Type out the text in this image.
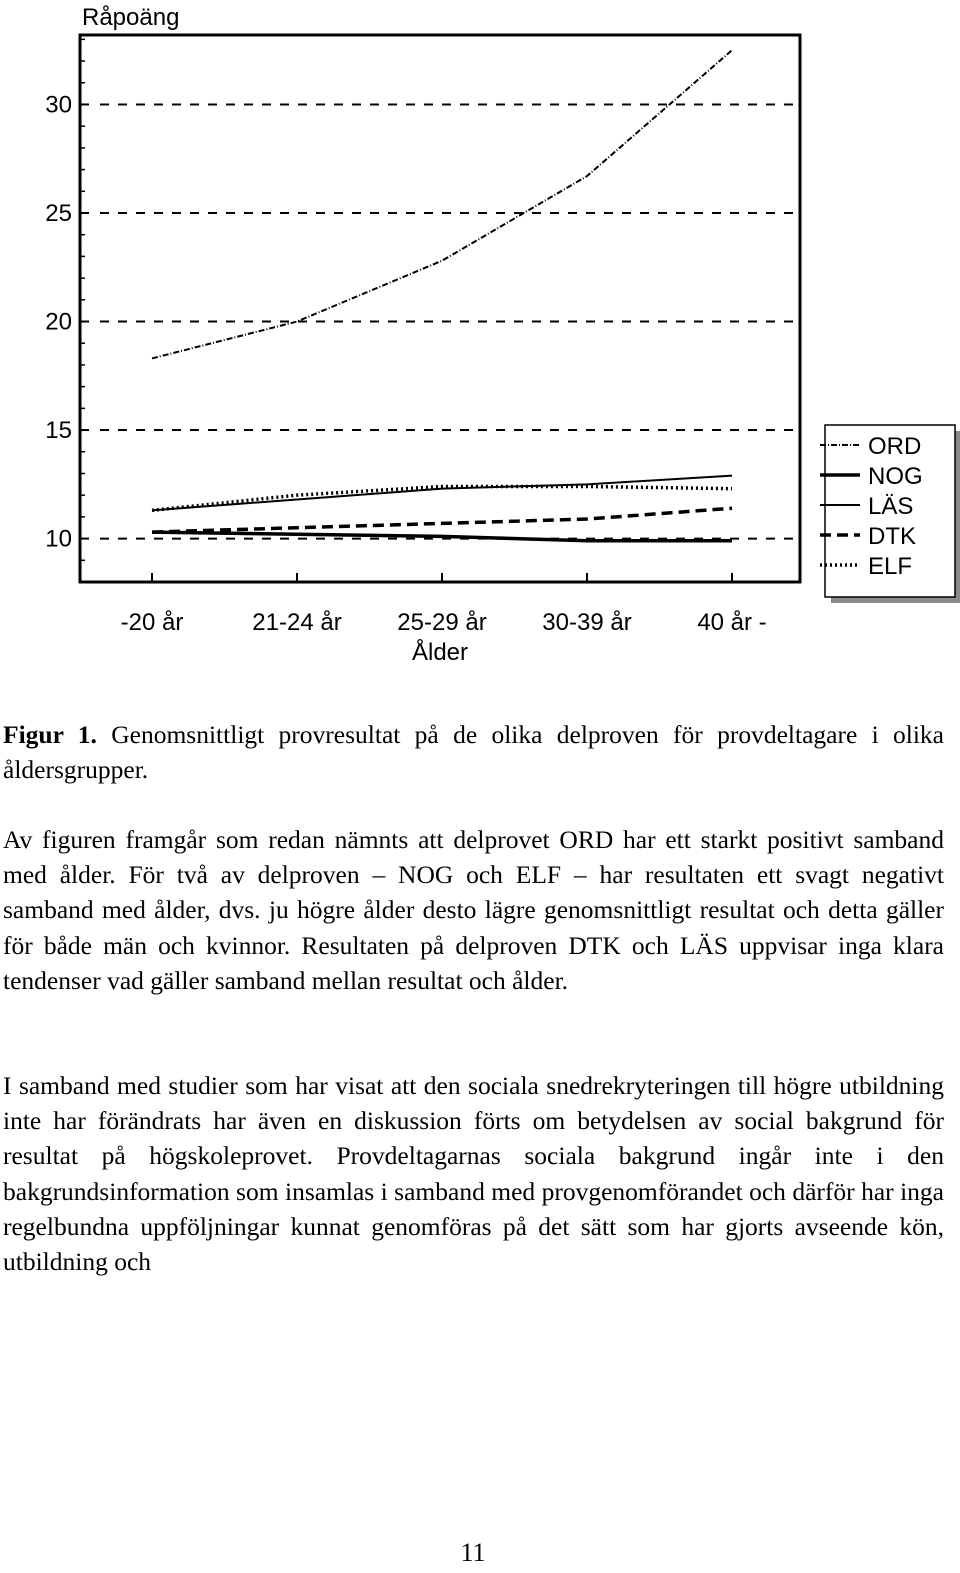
Råpoäng
10
15
20
25
30
-20 år	21-24 år 25-29 år 30-39 år	40 år -
Ålder
ORD
NOG
LÄS
DTK
ELF
Figur 1. Genomsnittligt provresultat på de olika delproven för provdeltagare i olika åldersgrupper.

Av figuren framgår som redan nämnts att delprovet ORD har ett starkt positivt samband med ålder. För två av delproven – NOG och ELF – har resultaten ett svagt negativt samband med ålder, dvs. ju högre ålder desto lägre genomsnittligt resultat och detta gäller för både män och kvinnor. Resultaten på delproven DTK och LÄS uppvisar inga klara tendenser vad gäller samband mellan resultat och ålder.

I samband med studier som har visat att den sociala snedrekryteringen till högre utbildning inte har förändrats har även en diskussion förts om betydelsen av social bakgrund för resultat på högskoleprovet. Provdeltagarnas sociala bakgrund ingår inte i den bakgrundsinformation som insamlas i samband med provgenomförandet och därför har inga regelbundna uppföljningar kunnat genomföras på det sätt som har gjorts avseende kön, utbildning och

11
